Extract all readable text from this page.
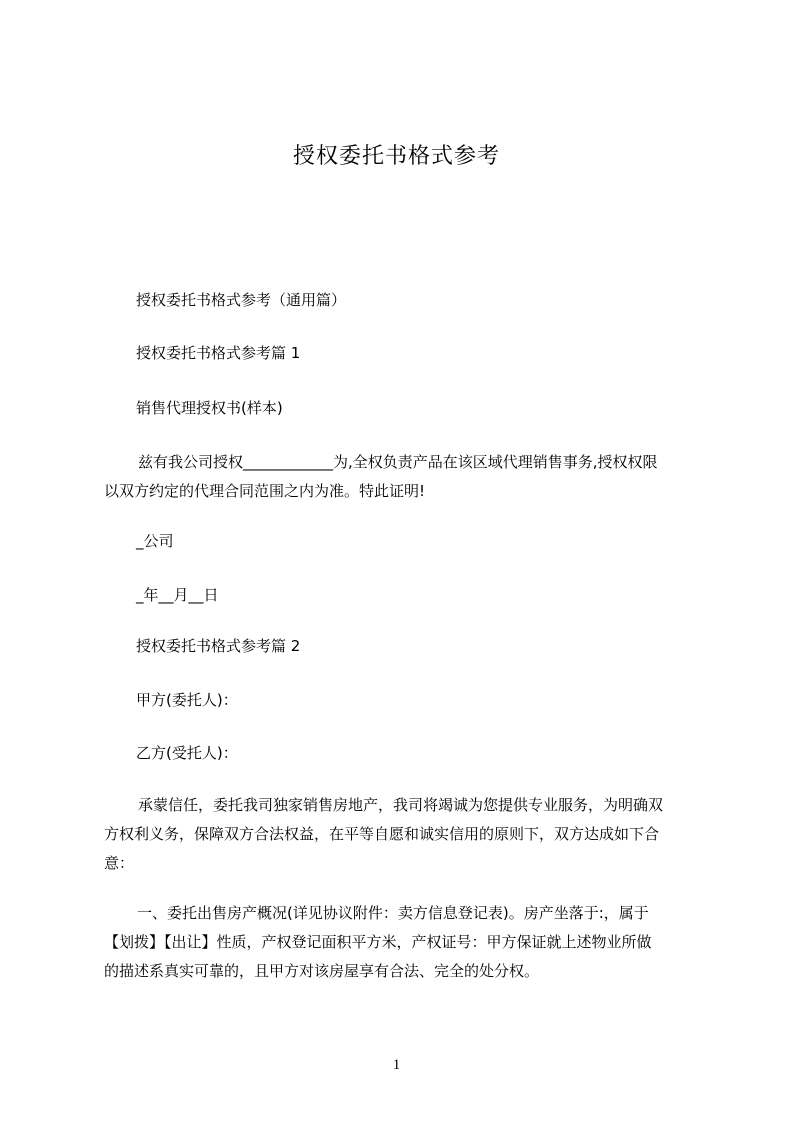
授权委托书格式参考
授权委托书格式参考（通用篇）
授权委托书格式参考篇 1
销售代理授权书(样本)
兹有我公司授权____________为,全权负责产品在该区域代理销售事务,授权权限
以双方约定的代理合同范围之内为准。特此证明!
_公司
_年__月__日
授权委托书格式参考篇 2
甲方(委托人)：
乙方(受托人)：
承蒙信任，委托我司独家销售房地产，我司将竭诚为您提供专业服务，为明确双
方权利义务，保障双方合法权益，在平等自愿和诚实信用的原则下，双方达成如下合
意：
一、委托出售房产概况(详见协议附件：卖方信息登记表)。房产坐落于:，属于
【划拨】【出让】性质，产权登记面积平方米，产权证号：甲方保证就上述物业所做
的描述系真实可靠的，且甲方对该房屋享有合法、完全的处分权。
1
